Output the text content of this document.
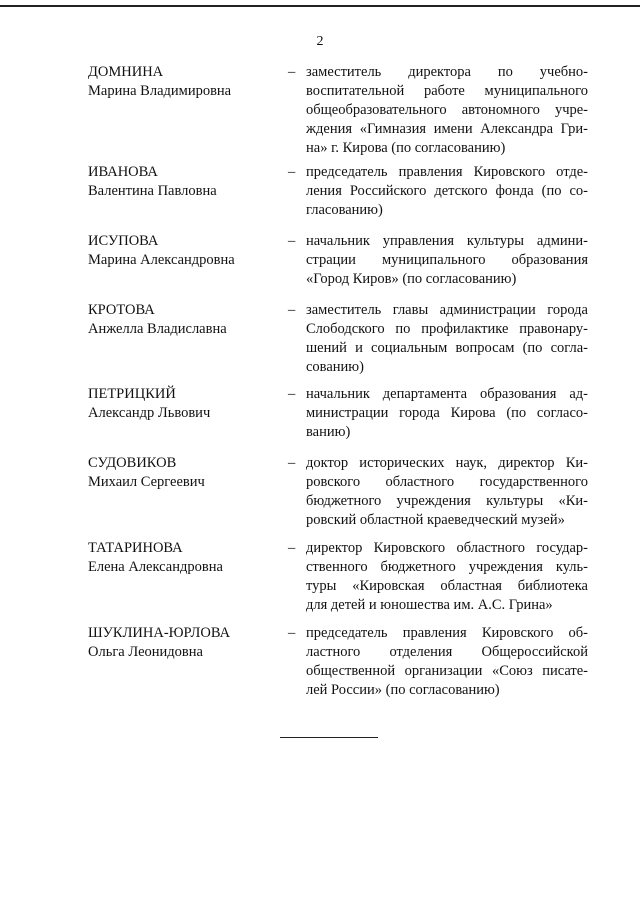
2
ДОМНИНА
Марина Владимировна
– заместитель директора по учебно-
воспитательной работе муниципального
общеобразовательного автономного учре-
ждения «Гимназия имени Александра Гри-
на» г. Кирова (по согласованию)
ИВАНОВА
Валентина Павловна
– председатель правления Кировского отде-
ления Российского детского фонда (по со-
гласованию)
ИСУПОВА
Марина Александровна
– начальник управления культуры админи-
страции муниципального образования
«Город Киров» (по согласованию)
КРОТОВА
Анжелла Владиславна
– заместитель главы администрации города
Слободского по профилактике правонару-
шений и социальным вопросам (по согла-
сованию)
ПЕТРИЦКИЙ
Александр Львович
– начальник департамента образования ад-
министрации города Кирова (по согласо-
ванию)
СУДОВИКОВ
Михаил Сергеевич
– доктор исторических наук, директор Ки-
ровского областного государственного
бюджетного учреждения культуры «Ки-
ровский областной краеведческий музей»
ТАТАРИНОВА
Елена Александровна
– директор Кировского областного государ-
ственного бюджетного учреждения куль-
туры «Кировская областная библиотека
для детей и юношества им. А.С. Грина»
ШУКЛИНА-ЮРЛОВА
Ольга Леонидовна
– председатель правления Кировского об-
ластного отделения Общероссийской
общественной организации «Союз писате-
лей России» (по согласованию)
